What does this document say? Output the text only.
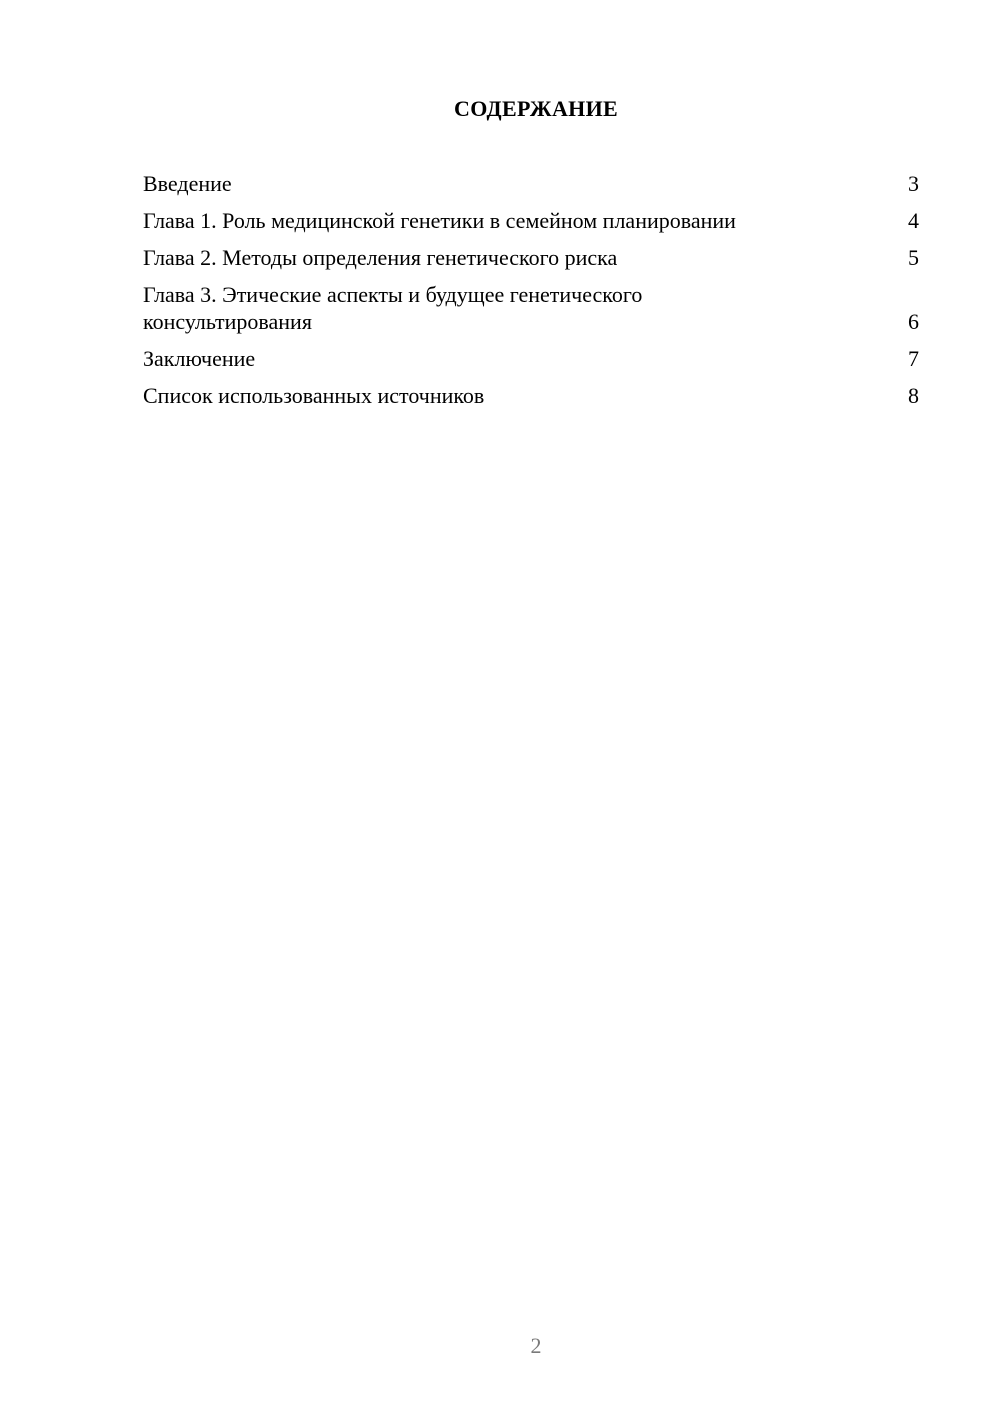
СОДЕРЖАНИЕ
Введение	3
Глава 1. Роль медицинской генетики в семейном планировании	4
Глава 2. Методы определения генетического риска	5
Глава 3. Этические аспекты и будущее генетического консультирования	6
Заключение	7
Список использованных источников	8
2
